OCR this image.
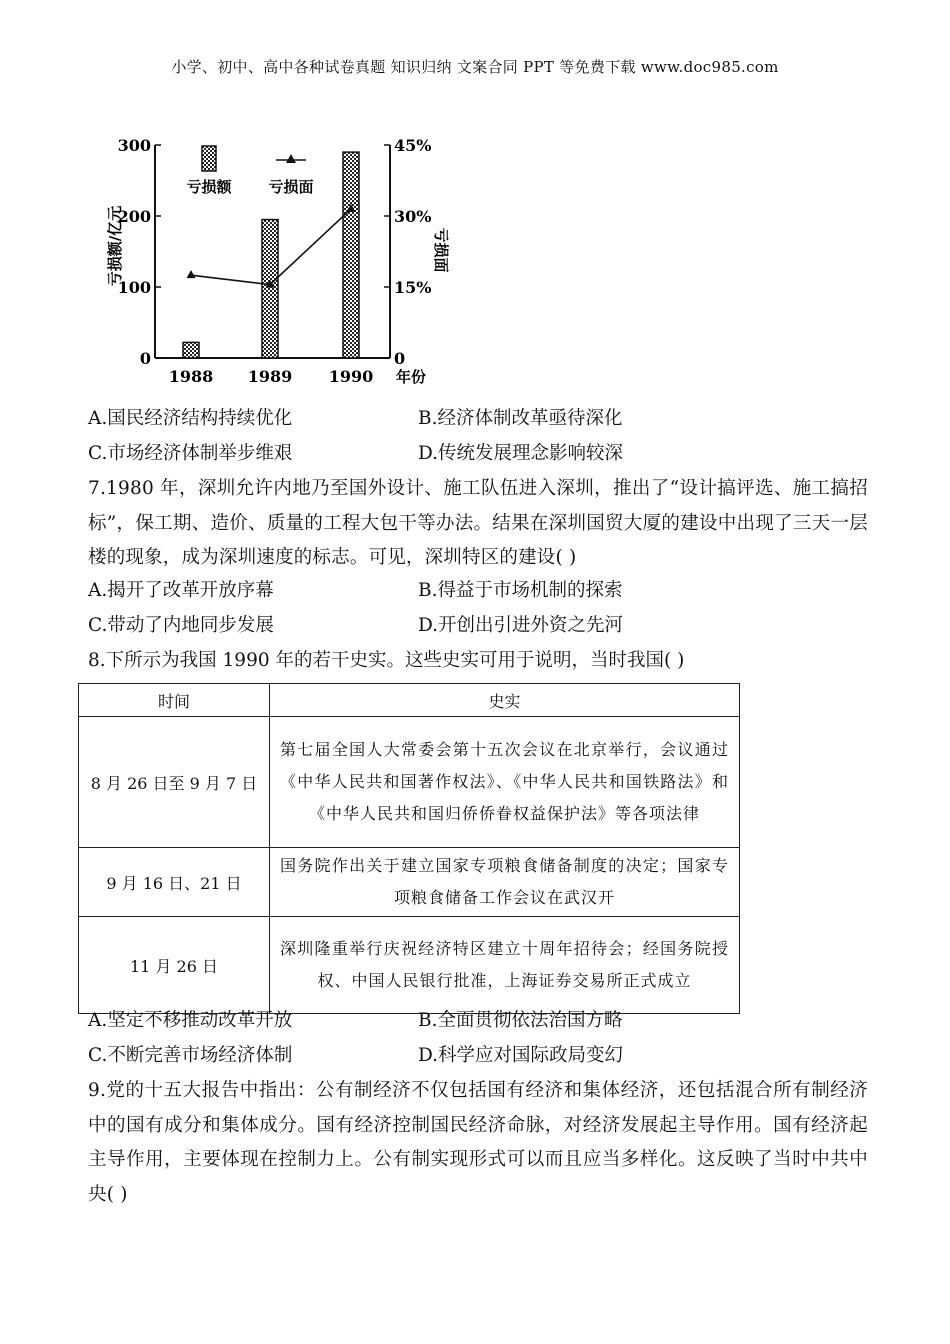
小学、初中、高中各种试卷真题 知识归纳 文案合同 PPT 等免费下载 www.doc985.com
300
200
100
0
45%
30%
15%
0
1988 1989 1990
亏损额/亿元	亏损面
年份
亏损额 亏损面
A.国民经济结构持续优化	B.经济体制改革亟待深化
C.市场经济体制举步维艰	D.传统发展理念影响较深
7.1980 年，深圳允许内地乃至国外设计、施工队伍进入深圳，推出了“设计搞评选、施工搞招标”，保工期、造价、质量的工程大包干等办法。结果在深圳国贸大厦的建设中出现了三天一层楼的现象，成为深圳速度的标志。可见，深圳特区的建设( )
A.揭开了改革开放序幕	B.得益于市场机制的探索
C.带动了内地同步发展	D.开创出引进外资之先河
8.下所示为我国 1990 年的若干史实。这些史实可用于说明，当时我国( )
时间	史实
8 月 26 日至 9 月 7 日	第七届全国人大常委会第十五次会议在北京举行，会议通过《中华人民共和国著作权法》、《中华人民共和国铁路法》和《中华人民共和国归侨侨眷权益保护法》等各项法律
9 月 16 日、21 日	国务院作出关于建立国家专项粮食储备制度的决定；国家专项粮食储备工作会议在武汉开
11 月 26 日	深圳隆重举行庆祝经济特区建立十周年招待会；经国务院授权、中国人民银行批准，上海证券交易所正式成立
A.坚定不移推动改革开放	B.全面贯彻依法治国方略
C.不断完善市场经济体制	D.科学应对国际政局变幻
9.党的十五大报告中指出：公有制经济不仅包括国有经济和集体经济，还包括混合所有制经济中的国有成分和集体成分。国有经济控制国民经济命脉，对经济发展起主导作用。国有经济起主导作用，主要体现在控制力上。公有制实现形式可以而且应当多样化。这反映了当时中共中央( )
